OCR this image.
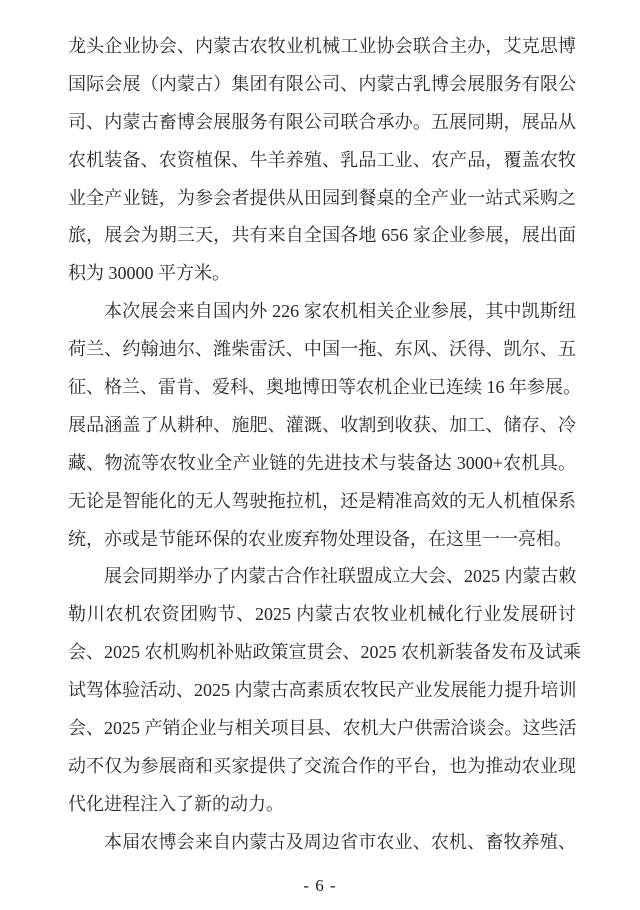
龙头企业协会、内蒙古农牧业机械工业协会联合主办，艾克思博
国际会展（内蒙古）集团有限公司、内蒙古乳博会展服务有限公
司、内蒙古畜博会展服务有限公司联合承办。五展同期，展品从
农机装备、农资植保、牛羊养殖、乳品工业、农产品，覆盖农牧
业全产业链，为参会者提供从田园到餐桌的全产业一站式采购之
旅，展会为期三天，共有来自全国各地 656 家企业参展，展出面
积为 30000 平方米。
本次展会来自国内外 226 家农机相关企业参展，其中凯斯纽
荷兰、约翰迪尔、潍柴雷沃、中国一拖、东风、沃得、凯尔、五
征、格兰、雷肯、爱科、奥地博田等农机企业已连续 16 年参展。
展品涵盖了从耕种、施肥、灌溉、收割到收获、加工、储存、冷
藏、物流等农牧业全产业链的先进技术与装备达 3000+农机具。
无论是智能化的无人驾驶拖拉机，还是精准高效的无人机植保系
统，亦或是节能环保的农业废弃物处理设备，在这里一一亮相。
展会同期举办了内蒙古合作社联盟成立大会、2025 内蒙古敕
勒川农机农资团购节、2025 内蒙古农牧业机械化行业发展研讨
会、2025 农机购机补贴政策宣贯会、2025 农机新装备发布及试乘
试驾体验活动、2025 内蒙古高素质农牧民产业发展能力提升培训
会、2025 产销企业与相关项目县、农机大户供需洽谈会。这些活
动不仅为参展商和买家提供了交流合作的平台，也为推动农业现
代化进程注入了新的动力。
本届农博会来自内蒙古及周边省市农业、农机、畜牧养殖、
- 6 -
